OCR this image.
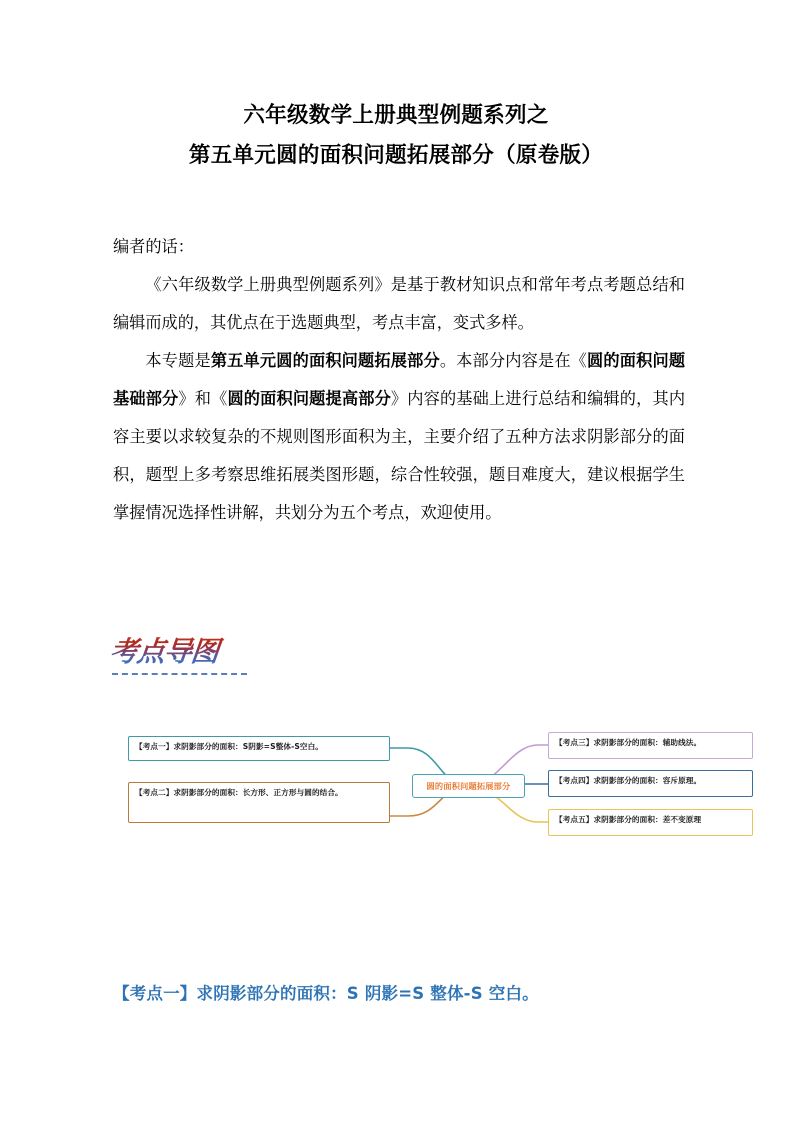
六年级数学上册典型例题系列之
第五单元圆的面积问题拓展部分（原卷版）

编者的话：

《六年级数学上册典型例题系列》是基于教材知识点和常年考点考题总结和编辑而成的，其优点在于选题典型，考点丰富，变式多样。

本专题是第五单元圆的面积问题拓展部分。本部分内容是在《圆的面积问题基础部分》和《圆的面积问题提高部分》内容的基础上进行总结和编辑的，其内容主要以求较复杂的不规则图形面积为主，主要介绍了五种方法求阴影部分的面积，题型上多考察思维拓展类图形题，综合性较强，题目难度大，建议根据学生掌握情况选择性讲解，共划分为五个考点，欢迎使用。

考点导图
【考点一】求阴影部分的面积：S阴影=S整体-S空白。
【考点二】求阴影部分的面积：长方形、正方形与圆的结合。
圆的面积问题拓展部分
【考点三】求阴影部分的面积：辅助线法。
【考点四】求阴影部分的面积：容斥原理。
【考点五】求阴影部分的面积：差不变原理
【考点一】求阴影部分的面积：S 阴影=S 整体-S 空白。
